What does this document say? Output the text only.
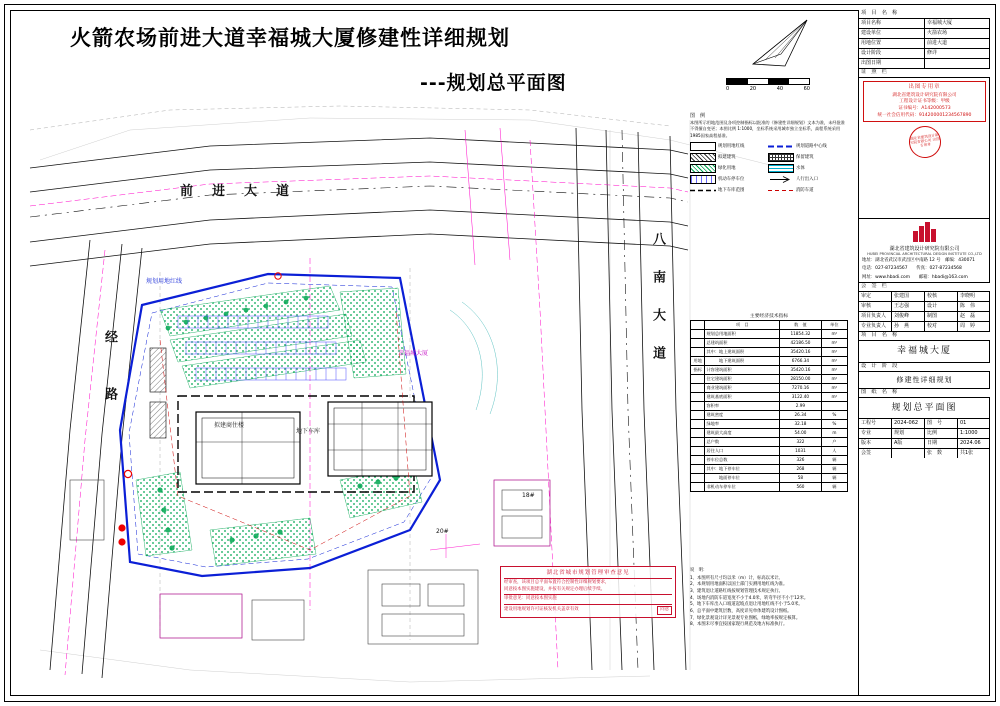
前　进　大　道
经　　路
八　南　大　道
幸福城大厦
拟建商住楼
地下车库
20#
18#
规划用地红线
火箭农场前进大道幸福城大厦修建性详细规划
---规划总平面图	0	20	40	60
图　例
本图所示用地范围及各项控制指标以批准的《修建性详细规划》文本为准，未经批准不得擅自变更；本图比例 1:1000，坐标系统采用城市独立坐标系，高程系统采用1985国家高程基准。
规划用地红线	规划道路中心线
拟建建筑	保留建筑
绿化用地	水体
机动车停车位	人行出入口
地下车库范围	消防车道
主要经济技术指标
	项　目	数　值	单位
	规划总用地面积	11854.32	m²
	总建筑面积	42186.50	m²
	其中：地上建筑面积	35420.16	m²
用地	　　　地下建筑面积	6766.34	m²
指标	计容建筑面积	35420.16	m²
	住宅建筑面积	28150.00	m²
	商业建筑面积	7270.16	m²
	建筑基底面积	3122.40	m²
	容积率	2.99	
	建筑密度	26.34	%
	绿地率	32.18	%
	建筑最大高度	54.00	m
	总户数	322	户
	居住人口	1031	人
	停车位总数	326	辆
	其中：地下停车位	268	辆
	　　　地面停车位	58	辆
	非机动车停车位	560	辆
说　明：
1、本图所有尺寸均以米（m）计，标高以米计。
2、本规划用地面积以国土部门实测用地红线为准。
3、建筑退让道路红线按规划管理技术规定执行。
4、场地内消防车道宽度不小于4.0米，转弯半径不小于12米。
5、地下车库出入口坡道起坡点退让用地红线不小于5.0米。
6、总平面中建筑层数、高度详见单体建筑设计图纸。
7、绿化景观设计详见景观专业图纸，绿地率按规定核算。
8、本图未尽事宜按国家现行规范及地方标准执行。
湖北省城市规划管理审查意见
经审查，该项目总平面布置符合控制性详细规划要求，
同意按本图实施建设，并按有关规定办理后续手续。
审批意见：同意按本图实施
建设用地规划许可证核发机关盖章有效	同意
项　目　名　称
项目名称	幸福城大厦
建设单位	火箭农场
用地位置	前进大道
设计阶段	修详
出图日期
证　照　栏
出图专用章
湖北省建筑设计研究院有限公司
工程设计证书等级：甲级
证书编号：A142000573
统一社会信用代码：914200001234567890
湖北省建筑设计研究院有限公司 出图专用章
湖北省建筑设计研究院有限公司
HUBEI PROVINCIAL ARCHITECTURAL DESIGN INSTITUTE CO.,LTD
地址：湖北省武汉市武昌区中南路 12 号　邮编：430071
电话：027-87234567　　传真：027-87234568
网址：www.hbadi.com　　邮箱：hbadi@163.com
会　签　栏
审定	张建国	校核	李晓明
审核	王志强	设计	陈　伟
项目负责人	刘俊峰	制图	赵　磊
专业负责人	孙　燕	校对	周　婷
项　目　名　称
幸福城大厦
设　计　阶　段
修建性详细规划
图　纸　名　称
规划总平面图
工程号	2024-062	图　号	01
专业	规划	比例	1:1000
版本	A版	日期	2024.06
会签	张　数	共1张
